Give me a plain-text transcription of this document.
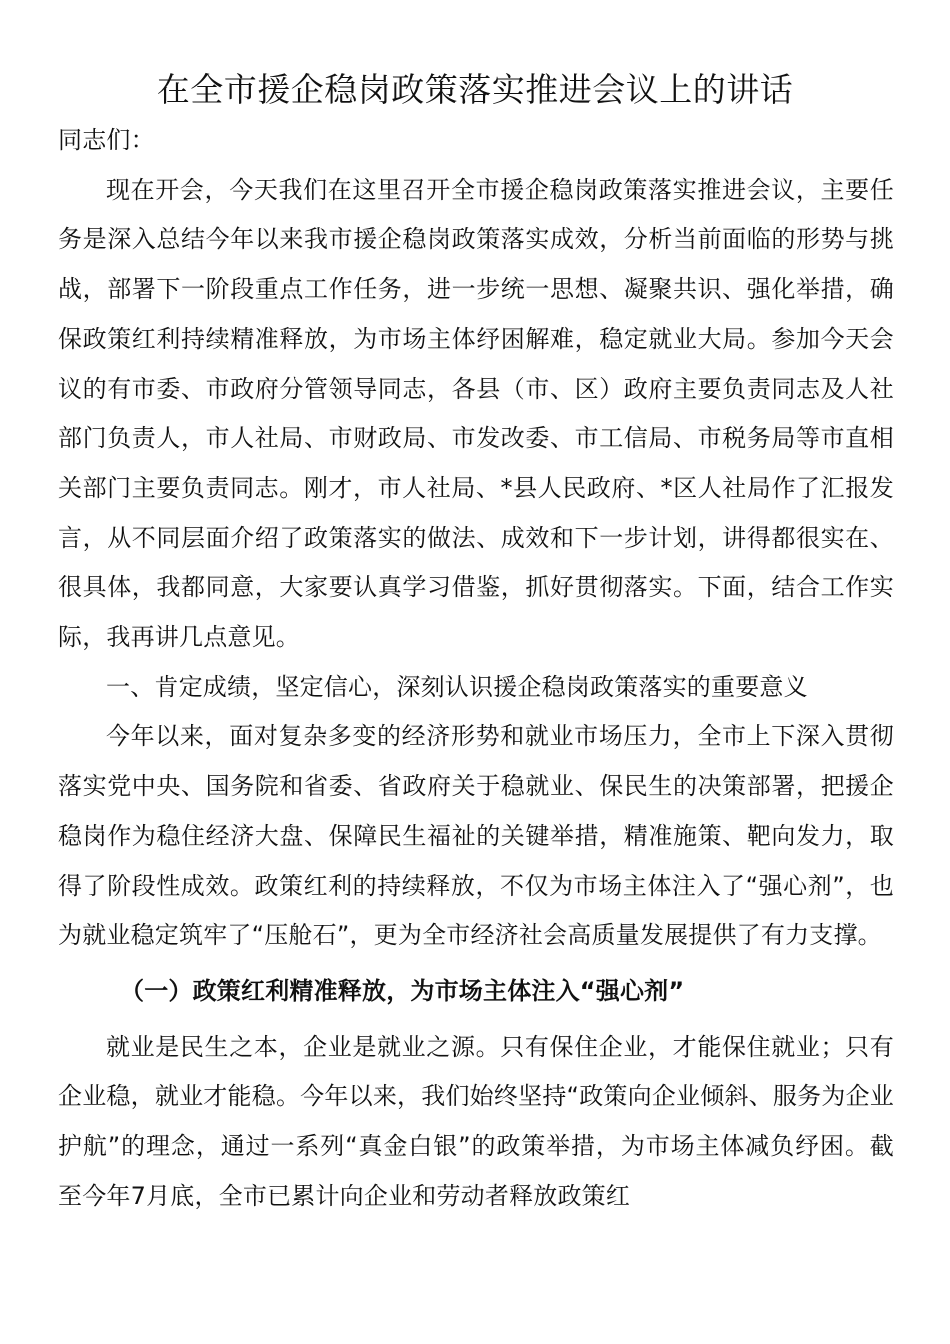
在全市援企稳岗政策落实推进会议上的讲话

同志们：

现在开会，今天我们在这里召开全市援企稳岗政策落实推进会议，主要任务是深入总结今年以来我市援企稳岗政策落实成效，分析当前面临的形势与挑战，部署下一阶段重点工作任务，进一步统一思想、凝聚共识、强化举措，确保政策红利持续精准释放，为市场主体纾困解难，稳定就业大局。参加今天会议的有市委、市政府分管领导同志，各县（市、区）政府主要负责同志及人社部门负责人，市人社局、市财政局、市发改委、市工信局、市税务局等市直相关部门主要负责同志。刚才，市人社局、*县人民政府、*区人社局作了汇报发言，从不同层面介绍了政策落实的做法、成效和下一步计划，讲得都很实在、很具体，我都同意，大家要认真学习借鉴，抓好贯彻落实。下面，结合工作实际，我再讲几点意见。

一、肯定成绩，坚定信心，深刻认识援企稳岗政策落实的重要意义

今年以来，面对复杂多变的经济形势和就业市场压力，全市上下深入贯彻落实党中央、国务院和省委、省政府关于稳就业、保民生的决策部署，把援企稳岗作为稳住经济大盘、保障民生福祉的关键举措，精准施策、靶向发力，取得了阶段性成效。政策红利的持续释放，不仅为市场主体注入了“强心剂”，也为就业稳定筑牢了“压舱石”，更为全市经济社会高质量发展提供了有力支撑。

（一）政策红利精准释放，为市场主体注入“强心剂”

就业是民生之本，企业是就业之源。只有保住企业，才能保住就业；只有企业稳，就业才能稳。今年以来，我们始终坚持“政策向企业倾斜、服务为企业护航”的理念，通过一系列“真金白银”的政策举措，为市场主体减负纾困。截至今年7月底，全市已累计向企业和劳动者释放政策红
